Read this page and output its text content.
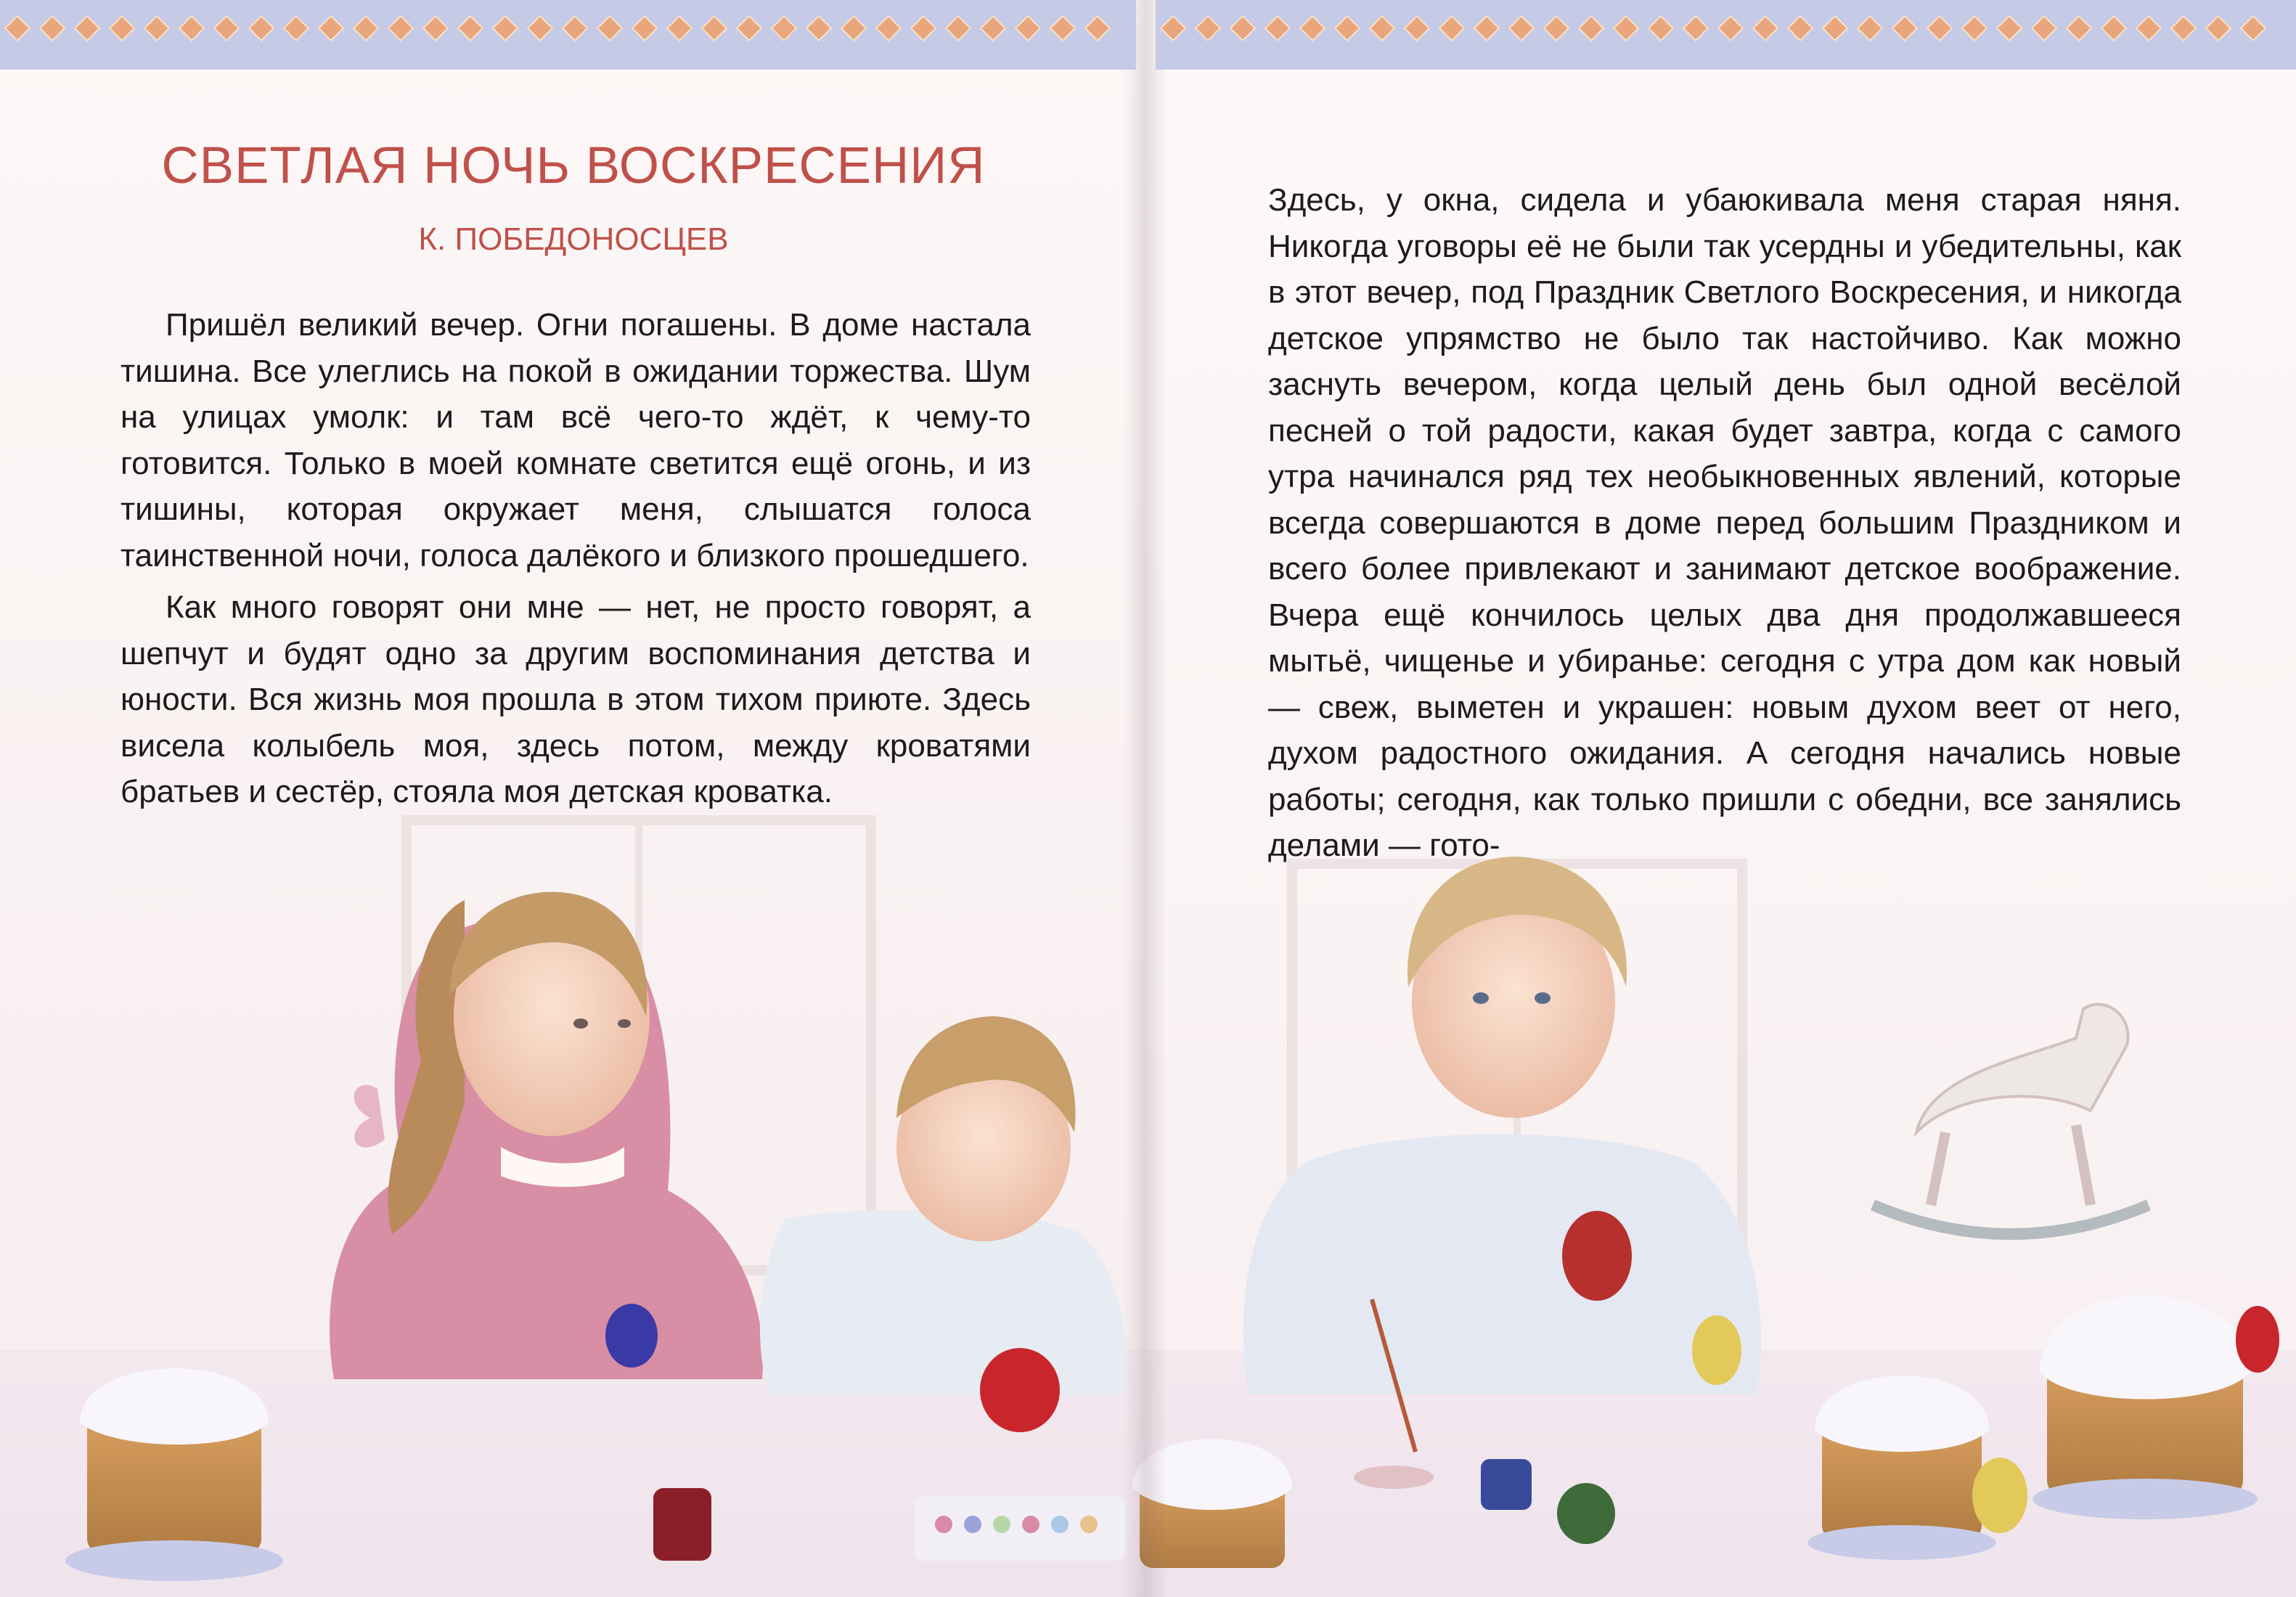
СВЕТЛАЯ НОЧЬ ВОСКРЕСЕНИЯ
К. ПОБЕДОНОСЦЕВ

Пришёл великий вечер. Огни погашены. В доме настала тишина. Все улеглись на покой в ожидании торжества. Шум на улицах умолк: и там всё чего-то ждёт, к чему-то готовится. Только в моей комнате светится ещё огонь, и из тишины, которая окружает меня, слышатся голоса таинственной ночи, голоса далёкого и близкого прошедшего.

Как много говорят они мне — нет, не просто говорят, а шепчут и будят одно за другим воспоминания детства и юности. Вся жизнь моя прошла в этом тихом приюте. Здесь висела колыбель моя, здесь потом, между кроватями братьев и сестёр, стояла моя детская кроватка.

Здесь, у окна, сидела и убаюкивала меня старая няня. Никогда уговоры её не были так усердны и убедительны, как в этот вечер, под Праздник Светлого Воскресения, и никогда детское упрямство не было так настойчиво. Как можно заснуть вечером, когда целый день был одной весёлой песней о той радости, какая будет завтра, когда с самого утра начинался ряд тех необыкновенных явлений, которые всегда совершаются в доме перед большим Праздником и всего более привлекают и занимают детское воображение. Вчера ещё кончилось целых два дня продолжавшееся мытьё, чищенье и убиранье: сегодня с утра дом как новый — свеж, выметен и украшен: новым духом веет от него, духом радостного ожидания. А сегодня начались новые работы; сегодня, как только пришли с обедни, все занялись делами — гото-
